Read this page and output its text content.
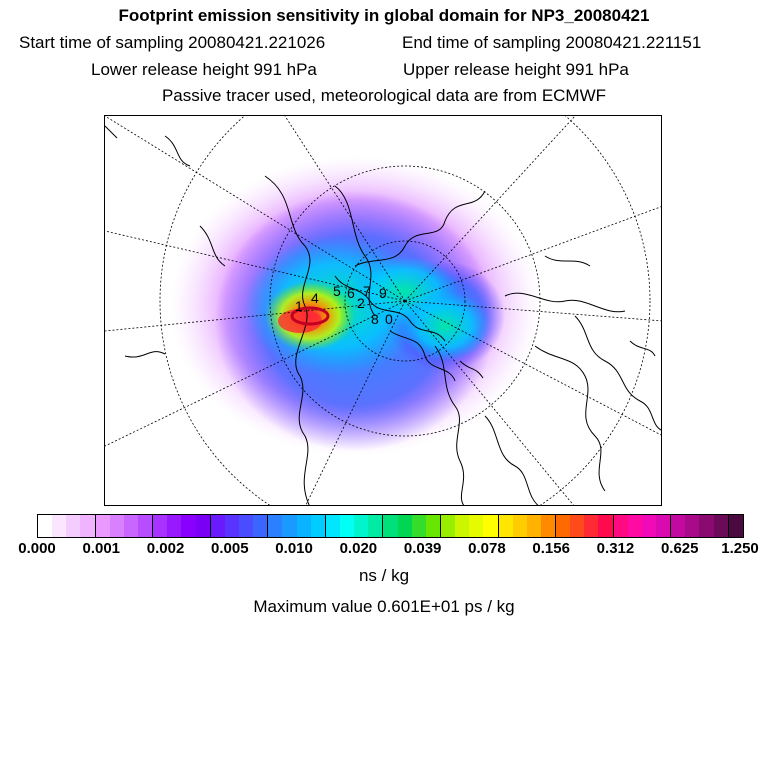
Footprint emission sensitivity in global domain for NP3_20080421
Start time of sampling 20080421.221026	End time of sampling 20080421.221151
Lower release height 991 hPa	Upper release height 991 hPa
Passive tracer used, meteorological data are from ECMWF
1 4 5 6 7
8
9
0
2
0.000 0.001 0.002 0.005 0.010 0.020 0.039 0.078 0.156 0.312 0.625 1.250
ns / kg
Maximum value 0.601E+01 ps / kg
